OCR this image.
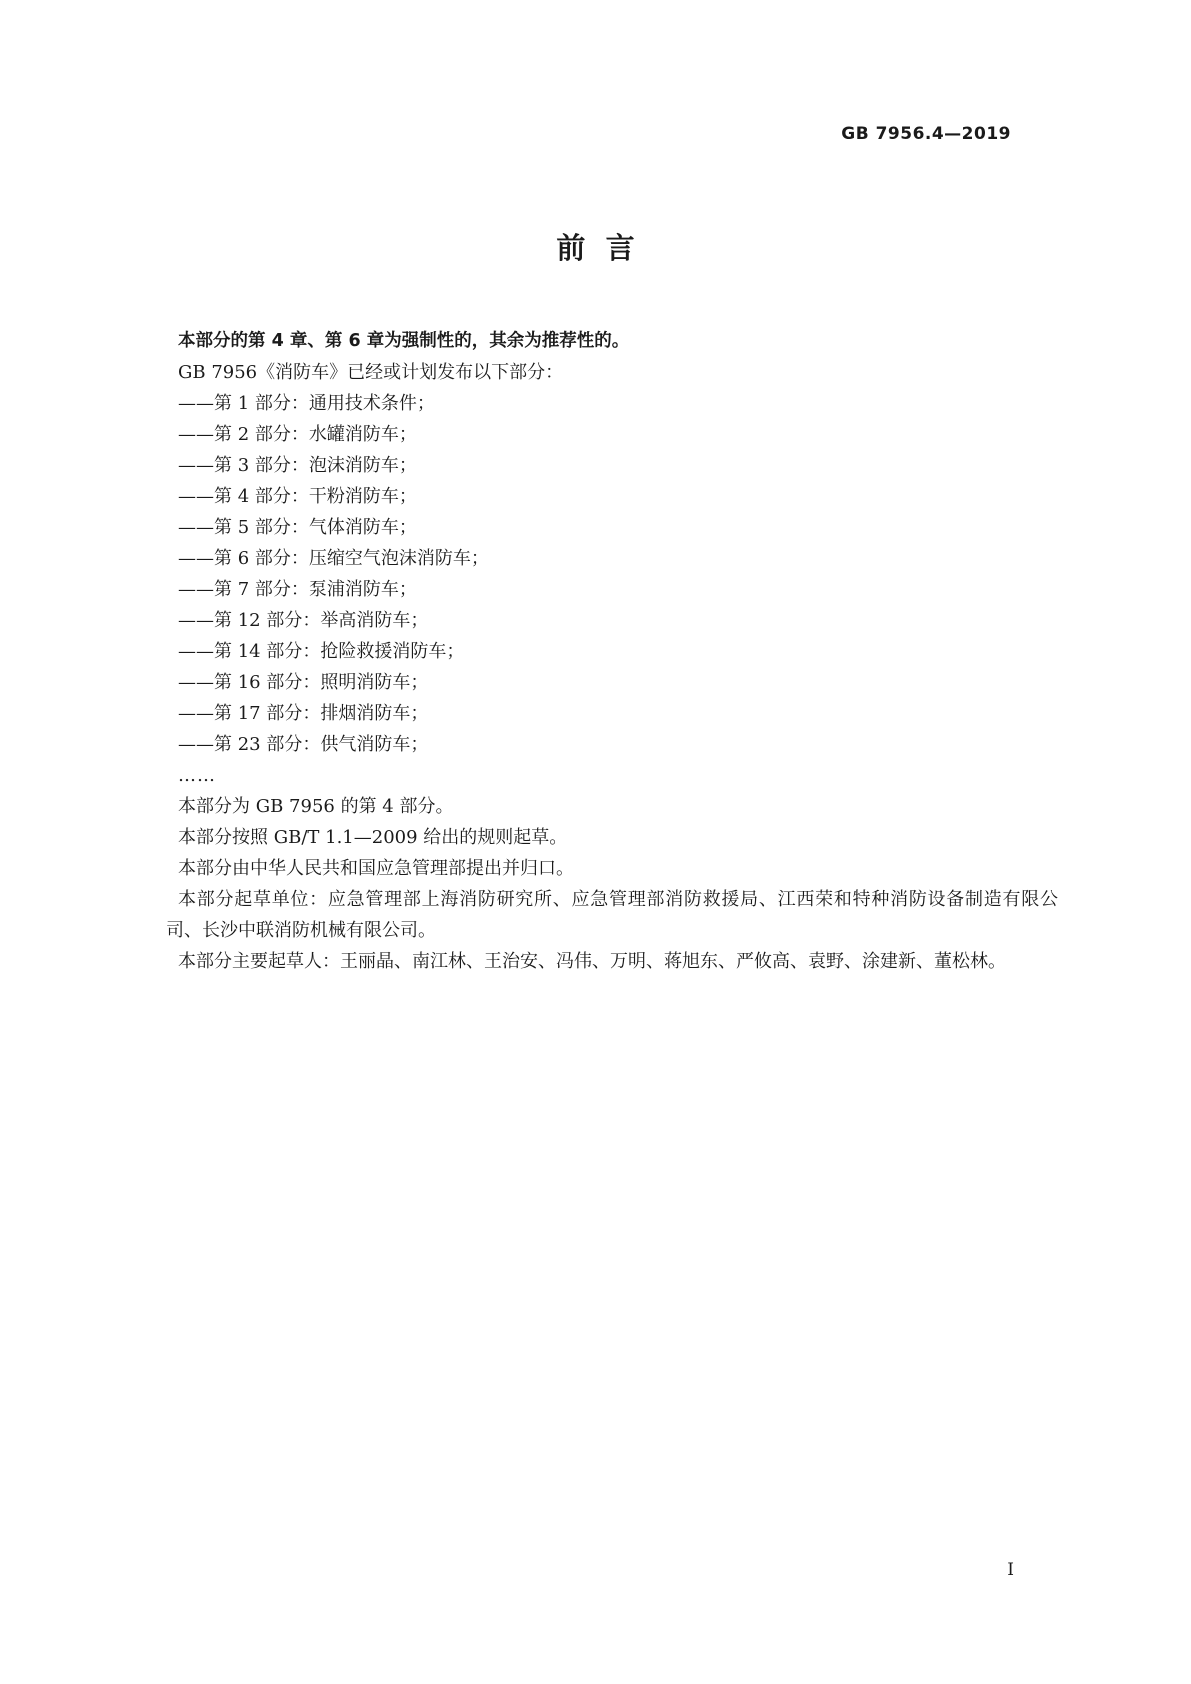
GB 7956.4—2019
前  言
本部分的第 4 章、第 6 章为强制性的，其余为推荐性的。
GB 7956《消防车》已经或计划发布以下部分：
——第 1 部分：通用技术条件；
——第 2 部分：水罐消防车；
——第 3 部分：泡沫消防车；
——第 4 部分：干粉消防车；
——第 5 部分：气体消防车；
——第 6 部分：压缩空气泡沫消防车；
——第 7 部分：泵浦消防车；
——第 12 部分：举高消防车；
——第 14 部分：抢险救援消防车；
——第 16 部分：照明消防车；
——第 17 部分：排烟消防车；
——第 23 部分：供气消防车；
……
本部分为 GB 7956 的第 4 部分。
本部分按照 GB/T 1.1—2009 给出的规则起草。
本部分由中华人民共和国应急管理部提出并归口。
本部分起草单位：应急管理部上海消防研究所、应急管理部消防救援局、江西荣和特种消防设备制造有限公司、长沙中联消防机械有限公司。
本部分主要起草人：王丽晶、南江林、王治安、冯伟、万明、蒋旭东、严攸高、袁野、涂建新、董松林。
I
